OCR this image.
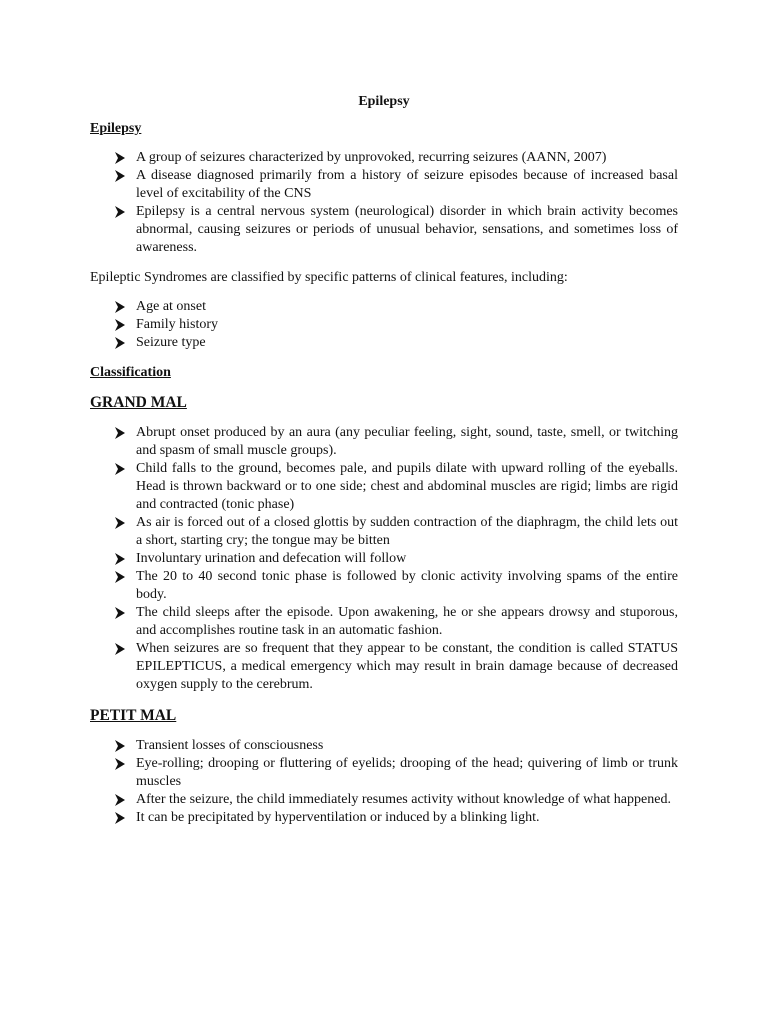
Epilepsy
Epilepsy
A group of seizures characterized by unprovoked, recurring seizures (AANN, 2007)
A disease diagnosed primarily from a history of seizure episodes because of increased basal level of excitability of the CNS
Epilepsy is a central nervous system (neurological) disorder in which brain activity becomes abnormal, causing seizures or periods of unusual behavior, sensations, and sometimes loss of awareness.
Epileptic Syndromes are classified by specific patterns of clinical features, including:
Age at onset
Family history
Seizure type
Classification
GRAND MAL
Abrupt onset produced by an aura (any peculiar feeling, sight, sound, taste, smell, or twitching and spasm of small muscle groups).
Child falls to the ground, becomes pale, and pupils dilate with upward rolling of the eyeballs. Head is thrown backward or to one side; chest and abdominal muscles are rigid; limbs are rigid and contracted (tonic phase)
As air is forced out of a closed glottis by sudden contraction of the diaphragm, the child lets out a short, starting cry; the tongue may be bitten
Involuntary urination and defecation will follow
The 20 to 40 second tonic phase is followed by clonic activity involving spams of the entire body.
The child sleeps after the episode. Upon awakening, he or she appears drowsy and stuporous, and accomplishes routine task in an automatic fashion.
When seizures are so frequent that they appear to be constant, the condition is called STATUS EPILEPTICUS, a medical emergency which may result in brain damage because of decreased oxygen supply to the cerebrum.
PETIT MAL
Transient losses of consciousness
Eye-rolling; drooping or fluttering of eyelids; drooping of the head; quivering of limb or trunk muscles
After the seizure, the child immediately resumes activity without knowledge of what happened.
It can be precipitated by hyperventilation or induced by a blinking light.
